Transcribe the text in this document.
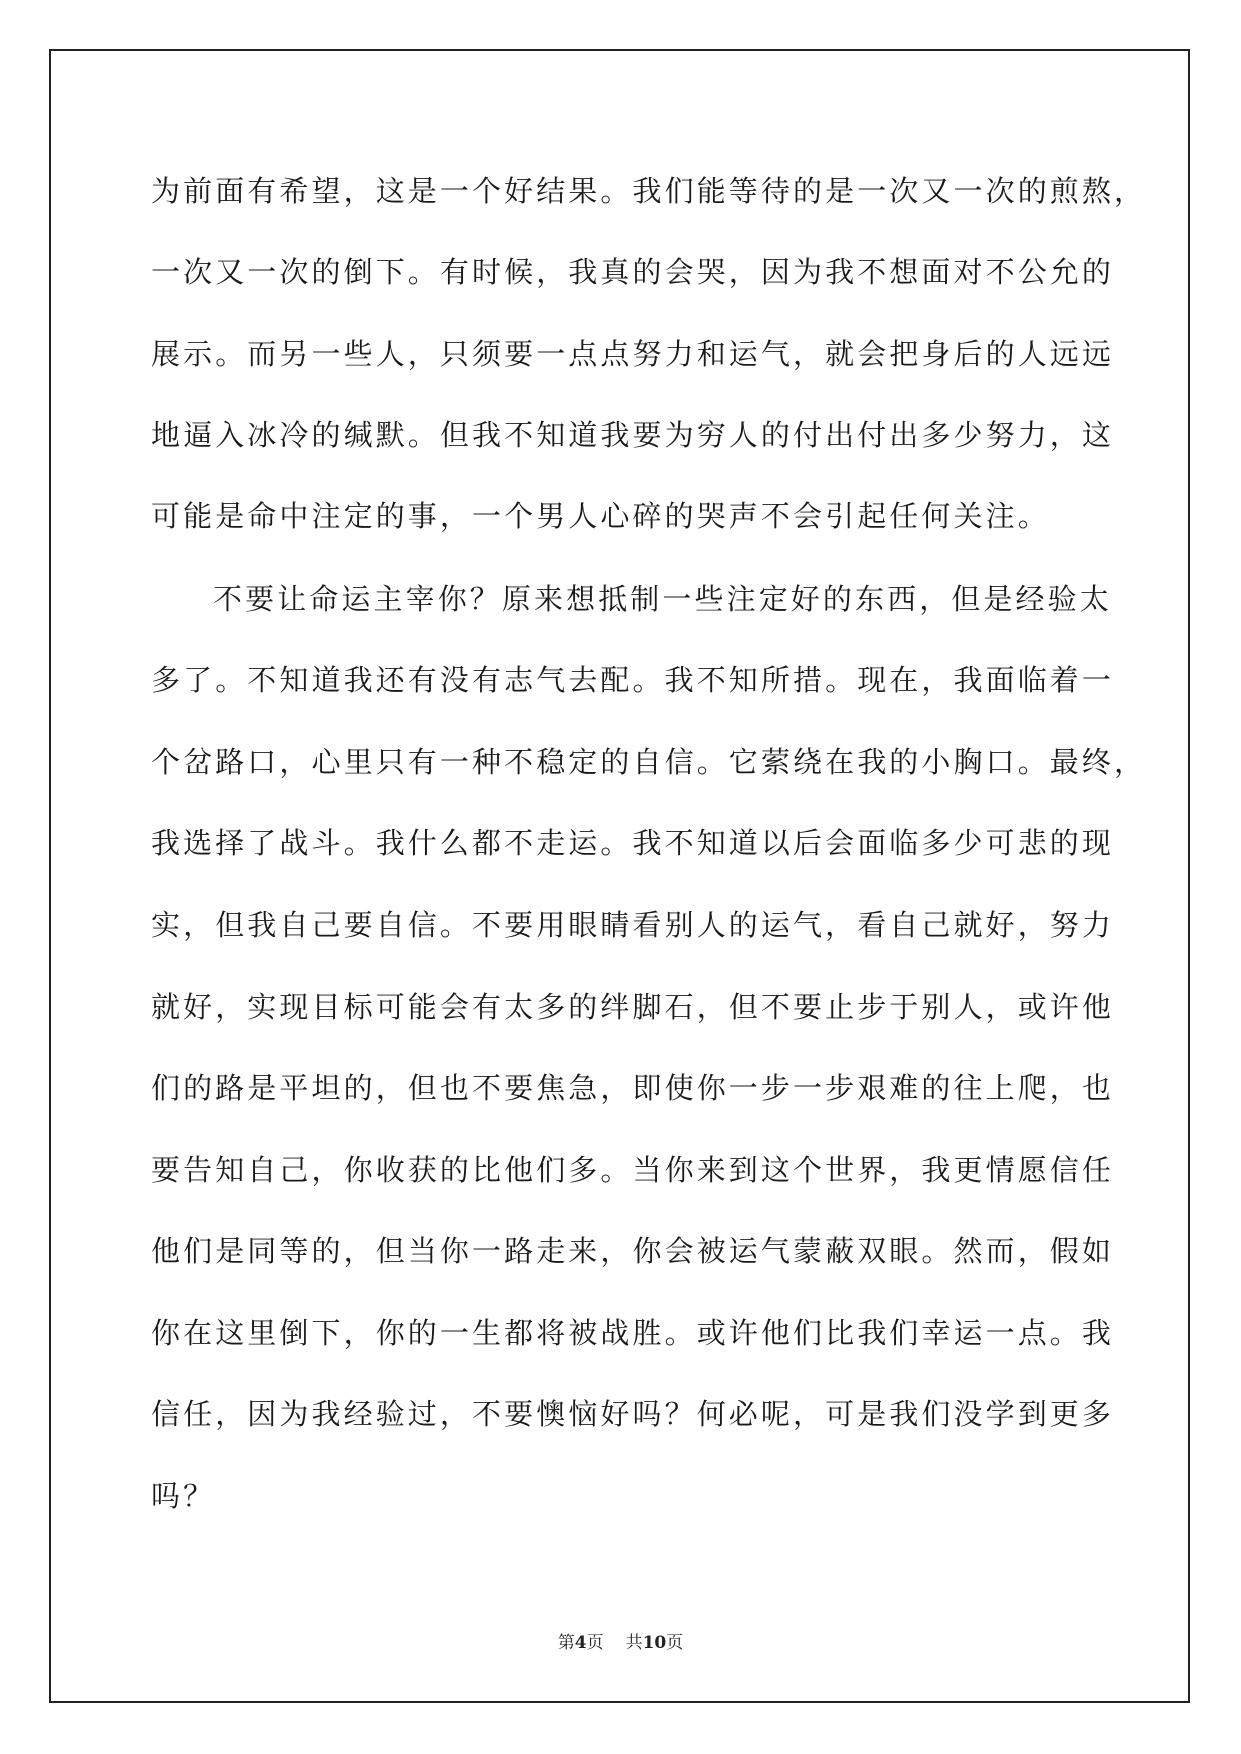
为前面有希望，这是一个好结果。我们能等待的是一次又一次的煎熬，
一次又一次的倒下。有时候，我真的会哭，因为我不想面对不公允的
展示。而另一些人，只须要一点点努力和运气，就会把身后的人远远
地逼入冰冷的缄默。但我不知道我要为穷人的付出付出多少努力，这
可能是命中注定的事，一个男人心碎的哭声不会引起任何关注。
不要让命运主宰你？原来想抵制一些注定好的东西，但是经验太
多了。不知道我还有没有志气去配。我不知所措。现在，我面临着一
个岔路口，心里只有一种不稳定的自信。它萦绕在我的小胸口。最终，
我选择了战斗。我什么都不走运。我不知道以后会面临多少可悲的现
实，但我自己要自信。不要用眼睛看别人的运气，看自己就好，努力
就好，实现目标可能会有太多的绊脚石，但不要止步于别人，或许他
们的路是平坦的，但也不要焦急，即使你一步一步艰难的往上爬，也
要告知自己，你收获的比他们多。当你来到这个世界，我更情愿信任
他们是同等的，但当你一路走来，你会被运气蒙蔽双眼。然而，假如
你在这里倒下，你的一生都将被战胜。或许他们比我们幸运一点。我
信任，因为我经验过，不要懊恼好吗？何必呢，可是我们没学到更多
吗？
第4页 共10页
